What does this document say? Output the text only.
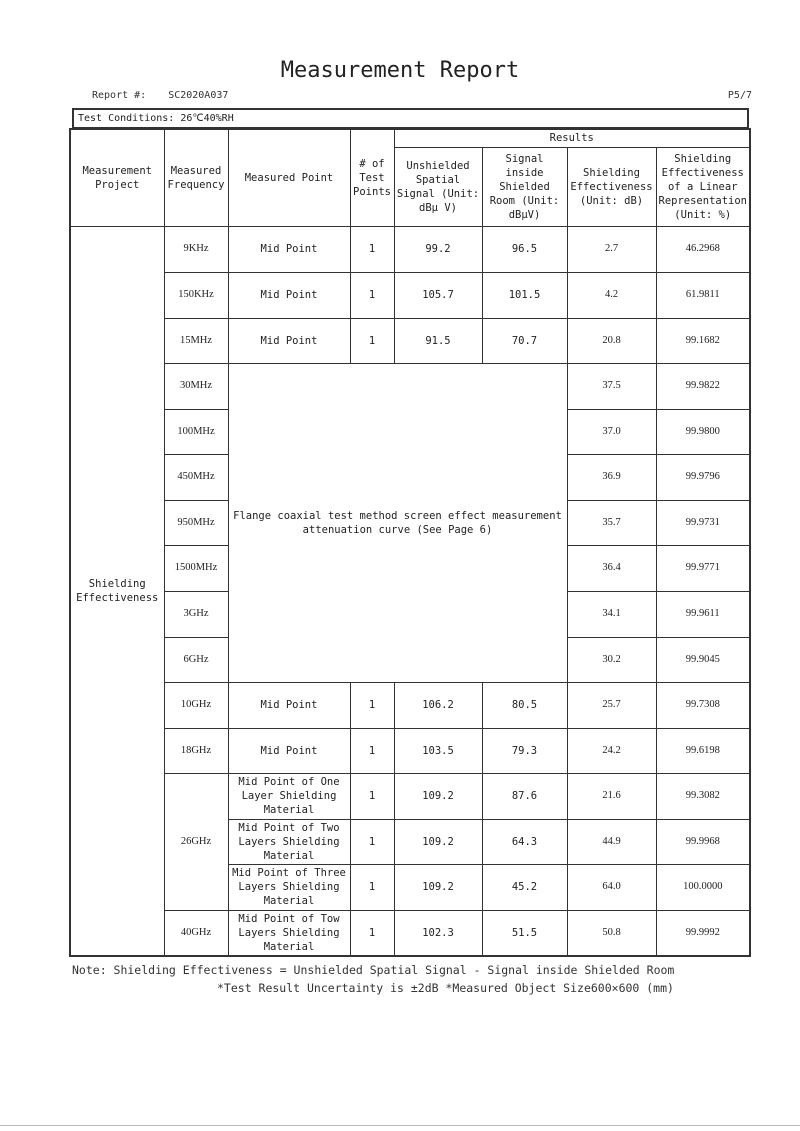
Measurement Report
Report #: SC2020A037	P5/7
Test Conditions: 26℃40%RH
Measurement Project	Measured Frequency	Measured Point	# of Test Points	Results			
				Unshielded Spatial Signal (Unit: dBμ V)	Signal inside Shielded Room (Unit: dBμV)	Shielding Effectiveness (Unit: dB)	Shielding Effectiveness of a Linear Representation (Unit: %)
Shielding Effectiveness	9KHz	Mid Point	1	99.2	96.5	2.7	46.2968
	150KHz	Mid Point	1	105.7	101.5	4.2	61.9811
	15MHz	Mid Point	1	91.5	70.7	20.8	99.1682
	30MHz	Flange coaxial test method screen effect measurement attenuation curve (See Page 6)				37.5	99.9822
	100MHz					37.0	99.9800
	450MHz					36.9	99.9796
	950MHz					35.7	99.9731
	1500MHz					36.4	99.9771
	3GHz					34.1	99.9611
	6GHz					30.2	99.9045
	10GHz	Mid Point	1	106.2	80.5	25.7	99.7308
	18GHz	Mid Point	1	103.5	79.3	24.2	99.6198
	26GHz	Mid Point of One Layer Shielding Material	1	109.2	87.6	21.6	99.3082
		Mid Point of Two Layers Shielding Material	1	109.2	64.3	44.9	99.9968
		Mid Point of Three Layers Shielding Material	1	109.2	45.2	64.0	100.0000
	40GHz	Mid Point of Tow Layers Shielding Material	1	102.3	51.5	50.8	99.9992
Note: Shielding Effectiveness = Unshielded Spatial Signal - Signal inside Shielded Room
*Test Result Uncertainty is ±2dB *Measured Object Size600×600 (mm)
